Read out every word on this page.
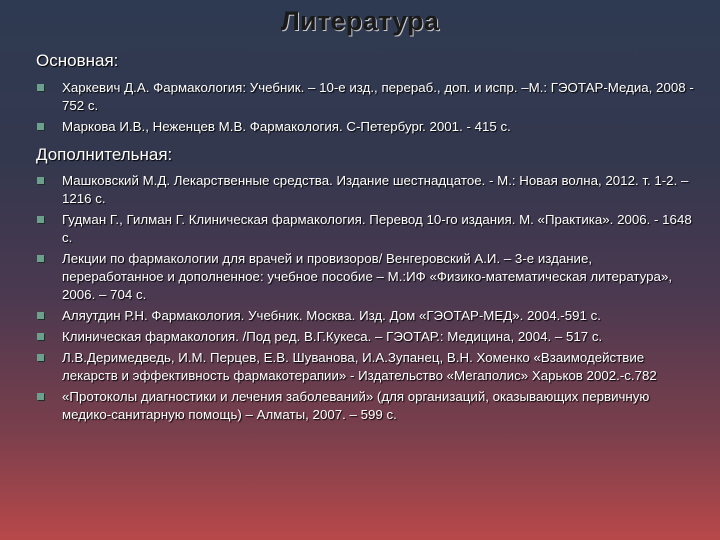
Литература
Основная:
Харкевич Д.А. Фармакология: Учебник. – 10-е изд., перераб., доп. и испр. –М.: ГЭОТАР-Медиа, 2008 - 752 с.
Маркова И.В., Неженцев М.В. Фармакология. С-Петербург. 2001. - 415 с.
Дополнительная:
Машковский М.Д. Лекарственные средства. Издание шестнадцатое. - М.: Новая волна, 2012. т. 1-2. – 1216 с.
Гудман Г., Гилман Г. Клиническая фармакология. Перевод 10-го издания. М. «Практика». 2006. - 1648 с.
Лекции по фармакологии для врачей и провизоров/ Венгеровский А.И. – 3-е издание, переработанное и дополненное: учебное пособие – М.:ИФ «Физико-математическая литература», 2006. – 704 с.
Аляутдин Р.Н. Фармакология. Учебник. Москва. Изд. Дом «ГЭОТАР-МЕД». 2004.-591 с.
Клиническая фармакология. /Под ред. В.Г.Кукеса. – ГЭОТАР.: Медицина, 2004. – 517 с.
Л.В.Деримедведь, И.М. Перцев, Е.В. Шуванова, И.А.Зупанец, В.Н. Хоменко «Взаимодействие лекарств и эффективность фармакотерапии» - Издательство «Мегаполис» Харьков 2002.-с.782
«Протоколы диагностики и лечения заболеваний» (для организаций, оказывающих первичную медико-санитарную помощь) – Алматы, 2007. – 599 с.
